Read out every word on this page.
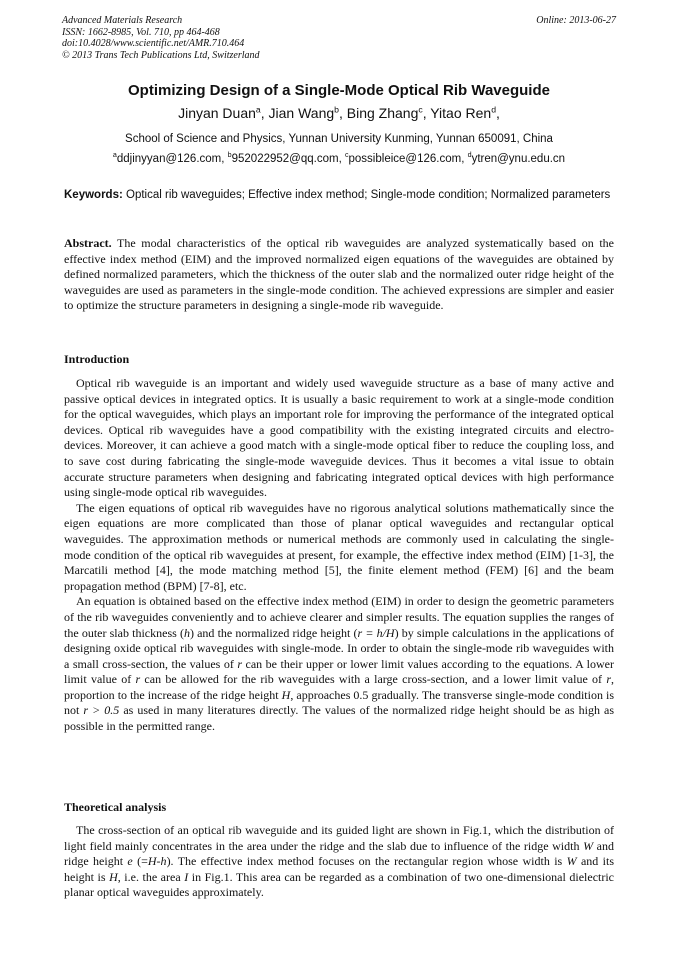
Advanced Materials Research
ISSN: 1662-8985, Vol. 710, pp 464-468
doi:10.4028/www.scientific.net/AMR.710.464
© 2013 Trans Tech Publications Ltd, Switzerland
Online: 2013-06-27
Optimizing Design of a Single-Mode Optical Rib Waveguide
Jinyan Duan$^a$, Jian Wang$^b$, Bing Zhang$^c$, Yitao Ren$^d$,
School of Science and Physics, Yunnan University Kunming, Yunnan 650091, China
$^a$ddjinyyan@126.com, $^b$952022952@qq.com, $^c$possibleice@126.com, $^d$ytren@ynu.edu.cn
Keywords: Optical rib waveguides; Effective index method; Single-mode condition; Normalized parameters

Abstract. The modal characteristics of the optical rib waveguides are analyzed systematically based on the effective index method (EIM) and the improved normalized eigen equations of the waveguides are obtained by defined normalized parameters, which the thickness of the outer slab and the normalized outer ridge height of the waveguides are used as parameters in the single-mode condition. The achieved expressions are simpler and easier to optimize the structure parameters in designing a single-mode rib waveguide.

Introduction

Optical rib waveguide is an important and widely used waveguide structure as a base of many active and passive optical devices in integrated optics. It is usually a basic requirement to work at a single-mode condition for the optical waveguides, which plays an important role for improving the performance of the integrated optical devices. Optical rib waveguides have a good compatibility with the existing integrated circuits and electro-devices. Moreover, it can achieve a good match with a single-mode optical fiber to reduce the coupling loss, and to save cost during fabricating the single-mode waveguide devices. Thus it becomes a vital issue to obtain accurate structure parameters when designing and fabricating integrated optical devices with high performance using single-mode optical rib waveguides.

The eigen equations of optical rib waveguides have no rigorous analytical solutions mathematically since the eigen equations are more complicated than those of planar optical waveguides and rectangular optical waveguides. The approximation methods or numerical methods are commonly used in calculating the single-mode condition of the optical rib waveguides at present, for example, the effective index method (EIM) [1-3], the Marcatili method [4], the mode matching method [5], the finite element method (FEM) [6] and the beam propagation method (BPM) [7-8], etc.

An equation is obtained based on the effective index method (EIM) in order to design the geometric parameters of the rib waveguides conveniently and to achieve clearer and simpler results. The equation supplies the ranges of the outer slab thickness (h) and the normalized ridge height (r = h/H) by simple calculations in the applications of designing oxide optical rib waveguides with single-mode. In order to obtain the single-mode rib waveguides with a small cross-section, the values of r can be their upper or lower limit values according to the equations. A lower limit value of r can be allowed for the rib waveguides with a large cross-section, and a lower limit value of r, proportion to the increase of the ridge height H, approaches 0.5 gradually. The transverse single-mode condition is not r > 0.5 as used in many literatures directly. The values of the normalized ridge height should be as high as possible in the permitted range.

Theoretical analysis

The cross-section of an optical rib waveguide and its guided light are shown in Fig.1, which the distribution of light field mainly concentrates in the area under the ridge and the slab due to influence of the ridge width W and ridge height e (=H-h). The effective index method focuses on the rectangular region whose width is W and its height is H, i.e. the area I in Fig.1. This area can be regarded as a combination of two one-dimensional dielectric planar optical waveguides approximately.
